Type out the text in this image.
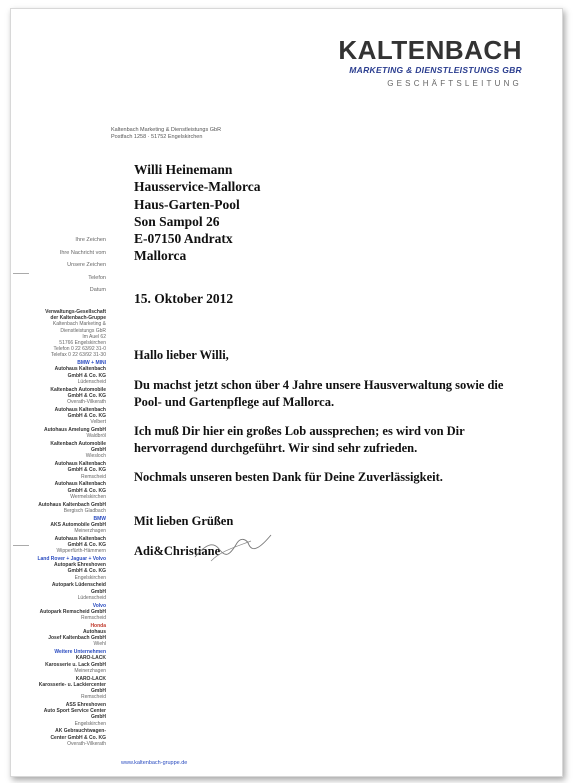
KALTENBACH
MARKETING & DIENSTLEISTUNGS GBR
GESCHÄFTSLEITUNG
Kaltenbach Marketing & Dienstleistungs GbR
Postfach 1258 · 51752 Engelskirchen
Willi Heinemann
Hausservice-Mallorca
Haus-Garten-Pool
Son Sampol 26
E-07150 Andratx
Mallorca
Ihre Zeichen
Ihre Nachricht vom
Unsere Zeichen
Telefon
Datum
15. Oktober 2012

Hallo lieber Willi,

Du machst jetzt schon über 4 Jahre unsere Hausverwaltung sowie die
Pool- und Gartenpflege auf Mallorca.
Ich muß Dir hier ein großes Lob aussprechen; es wird von Dir
hervorragend durchgeführt. Wir sind sehr zufrieden.

Nochmals unseren besten Dank für Deine Zuverlässigkeit.

Mit lieben Grüßen

Adi&Christiane

Verwaltungs-Gesellschaft
der Kaltenbach-Gruppe
Kaltenbach Marketing &
Dienstleistungs GbR
Im Auel 62
51766 Engelskirchen
Telefon 0 22 63/92 31-0
Telefax 0 22 63/92 31-30
BMW + MINI
Autohaus Kaltenbach
GmbH & Co. KG
Lüdenscheid
Kaltenbach Automobile
GmbH & Co. KG
Overath-Vilkerath
Autohaus Kaltenbach
GmbH & Co. KG
Velbert
Autohaus Amelung GmbH
Waldbröl
Kaltenbach Automobile
GmbH
Wiesloch
Autohaus Kaltenbach
GmbH & Co. KG
Remscheid
Autohaus Kaltenbach
GmbH & Co. KG
Wermelskirchen
Autohaus Kaltenbach GmbH
Bergisch Gladbach
BMW
AKS Automobile GmbH
Meinerzhagen
Autohaus Kaltenbach
GmbH & Co. KG
Wipperfürth-Hämmern
Land Rover + Jaguar + Volvo
Autopark Ehreshoven
GmbH & Co. KG
Engelskirchen
Autopark Lüdenscheid
GmbH
Lüdenscheid
Volvo
Autopark Remscheid GmbH
Remscheid
Honda
Autohaus
Josef Kaltenbach GmbH
Wiehl
Weitere Unternehmen
KARO-LACK
Karosserie u. Lack GmbH
Meinerzhagen
KARO-LACK
Karosserie- u. Lackiercenter
GmbH
Remscheid
ASS Ehreshoven
Auto Sport Service Center
GmbH
Engelskirchen
AK Gebrauchtwagen-
Center GmbH & Co. KG
Overath-Vilkerath
www.kaltenbach-gruppe.de
